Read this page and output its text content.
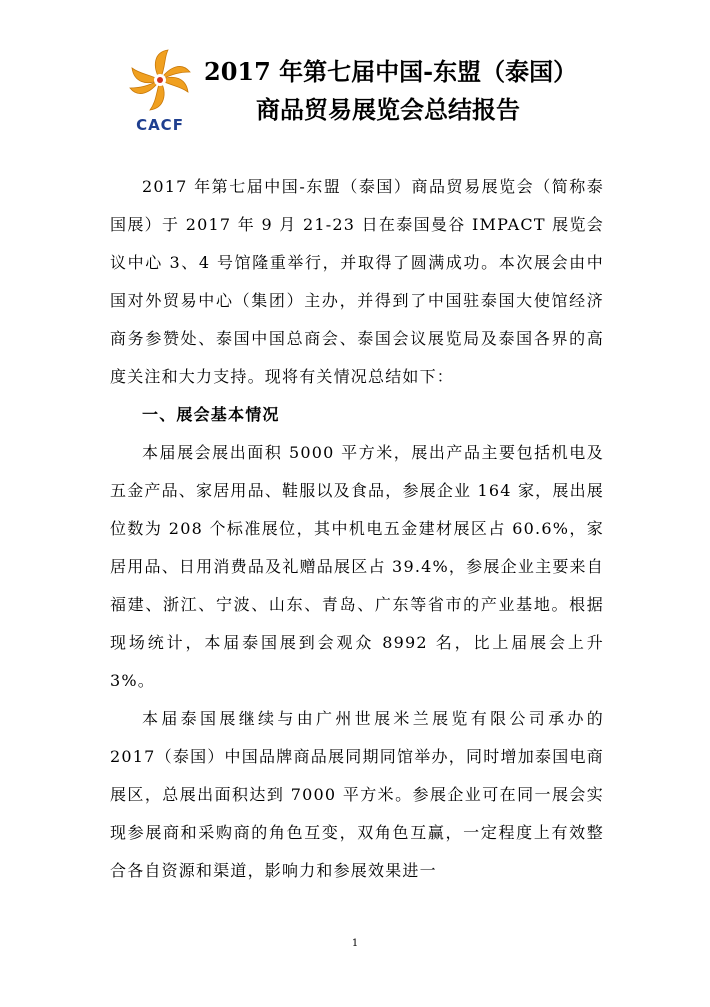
CACF
2017 年第七届中国-东盟（泰国）
商品贸易展览会总结报告

2017 年第七届中国-东盟（泰国）商品贸易展览会（简称泰国展）于 2017 年 9 月 21-23 日在泰国曼谷 IMPACT 展览会议中心 3、4 号馆隆重举行，并取得了圆满成功。本次展会由中国对外贸易中心（集团）主办，并得到了中国驻泰国大使馆经济商务参赞处、泰国中国总商会、泰国会议展览局及泰国各界的高度关注和大力支持。现将有关情况总结如下：

一、展会基本情况

本届展会展出面积 5000 平方米，展出产品主要包括机电及五金产品、家居用品、鞋服以及食品，参展企业 164 家，展出展位数为 208 个标准展位，其中机电五金建材展区占 60.6%，家居用品、日用消费品及礼赠品展区占 39.4%，参展企业主要来自福建、浙江、宁波、山东、青岛、广东等省市的产业基地。根据现场统计，本届泰国展到会观众 8992 名，比上届展会上升 3%。

本届泰国展继续与由广州世展米兰展览有限公司承办的 2017（泰国）中国品牌商品展同期同馆举办，同时增加泰国电商展区，总展出面积达到 7000 平方米。参展企业可在同一展会实现参展商和采购商的角色互变，双角色互赢，一定程度上有效整合各自资源和渠道，影响力和参展效果进一

1
